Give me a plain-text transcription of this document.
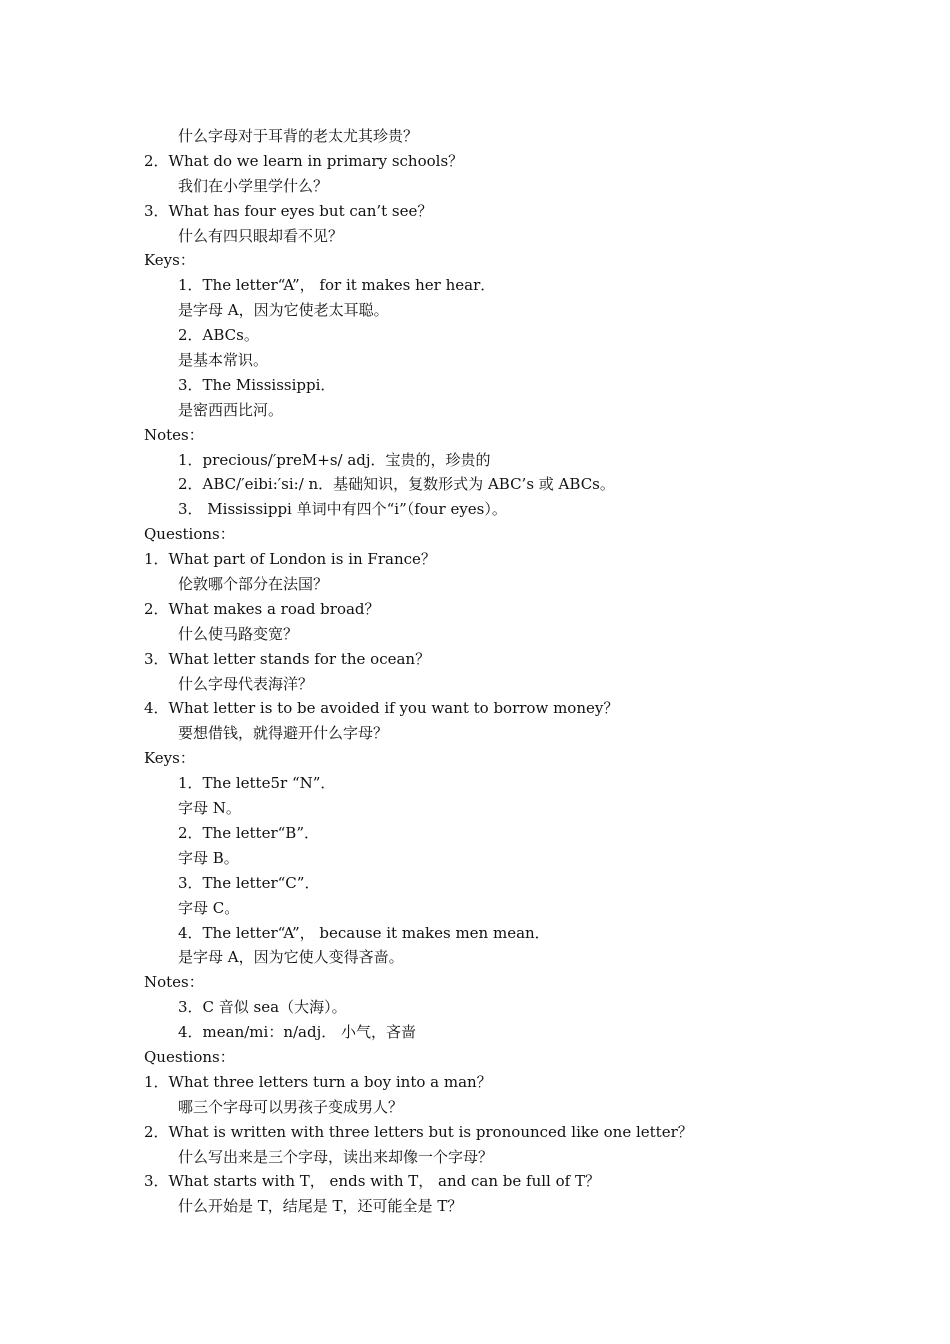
什么字母对于耳背的老太尤其珍贵？
2．What do we learn in primary schools？
我们在小学里学什么？
3．What has four eyes but can’t see？
什么有四只眼却看不见？
Keys：
1．The letter“A”， for it makes her hear．
是字母 A，因为它使老太耳聪。
2．ABCs。
是基本常识。
3．The Mississippi．
是密西西比河。
Notes：
1．precious/′preM+s/ adj．宝贵的，珍贵的
2．ABC/′eibi:′si:/ n．基础知识，复数形式为 ABC’s 或 ABCs。
3． Mississippi 单词中有四个“i”（four eyes）。
Questions：
1．What part of London is in France？
伦敦哪个部分在法国？
2．What makes a road broad？
什么使马路变宽？
3．What letter stands for the ocean？
什么字母代表海洋？
4．What letter is to be avoided if you want to borrow money？
要想借钱，就得避开什么字母？
Keys：
1．The lette5r “N”．
字母 N。
2．The letter“B”．
字母 B。
3．The letter“C”．
字母 C。
4．The letter“A”， because it makes men mean．
是字母 A，因为它使人变得吝啬。
Notes：
3．C 音似 sea（大海）。
4．mean/mi：n/adj． 小气，吝啬
Questions：
1．What three letters turn a boy into a man？
哪三个字母可以男孩子变成男人？
2．What is written with three letters but is pronounced like one letter？
什么写出来是三个字母，读出来却像一个字母？
3．What starts with T， ends with T， and can be full of T？
什么开始是 T，结尾是 T，还可能全是 T？
